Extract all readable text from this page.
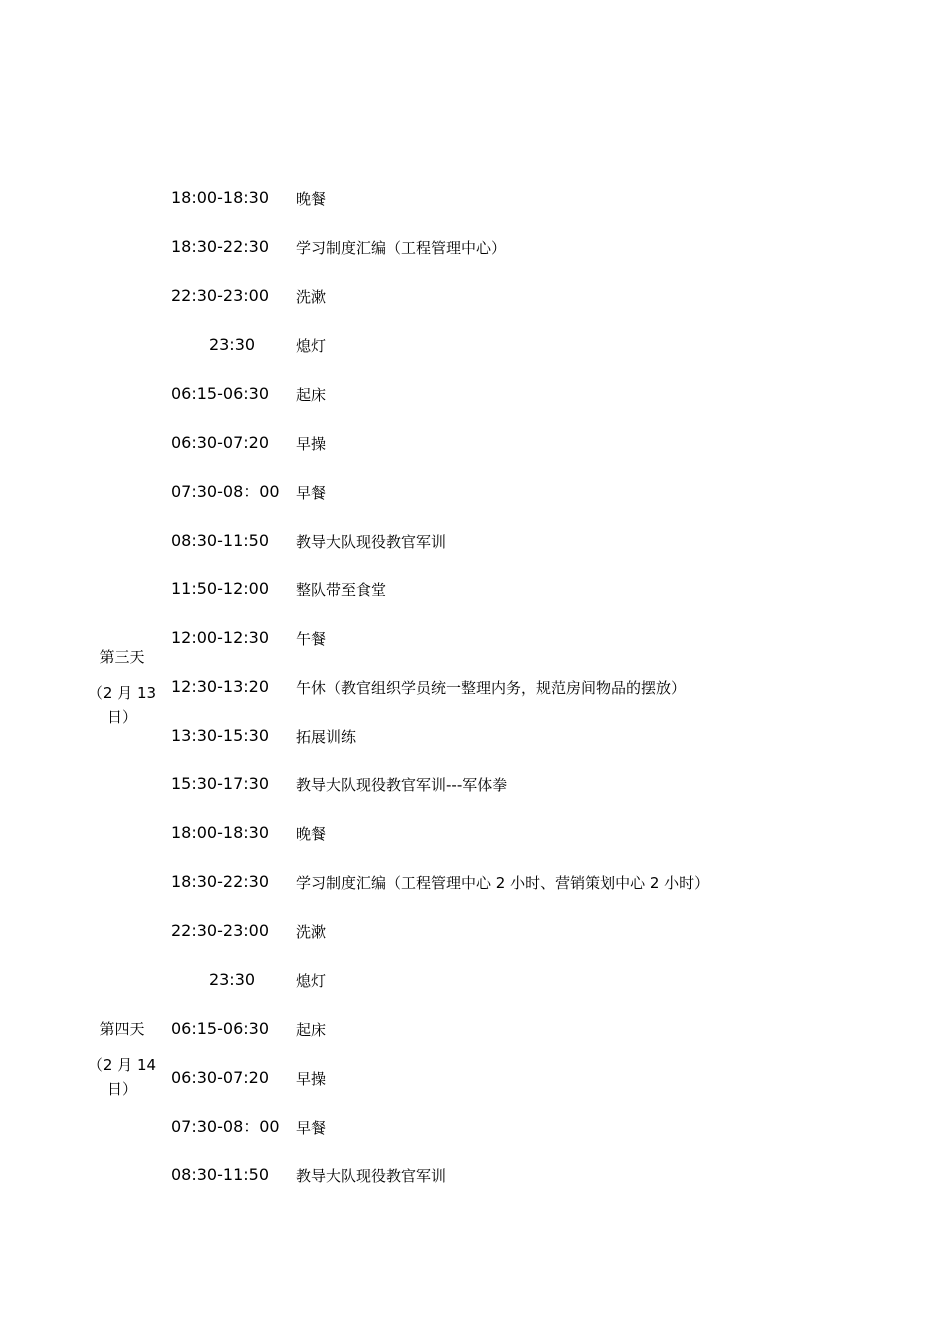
18:00-18:30	晚餐
18:30-22:30	学习制度汇编（工程管理中心）
22:30-23:00	洗漱
23:30	熄灯
第三天
（2 月 13 日）
06:15-06:30	起床
06:30-07:20	早操
07:30-08：00	早餐
08:30-11:50	教导大队现役教官军训
11:50-12:00	整队带至食堂
12:00-12:30	午餐
12:30-13:20	午休（教官组织学员统一整理内务，规范房间物品的摆放）
13:30-15:30	拓展训练
15:30-17:30	教导大队现役教官军训---军体拳
18:00-18:30	晚餐
18:30-22:30	学习制度汇编（工程管理中心 2 小时、营销策划中心 2 小时）
22:30-23:00	洗漱
23:30	熄灯
第四天
（2 月 14 日）
06:15-06:30	起床
06:30-07:20	早操
07:30-08：00	早餐
08:30-11:50	教导大队现役教官军训
